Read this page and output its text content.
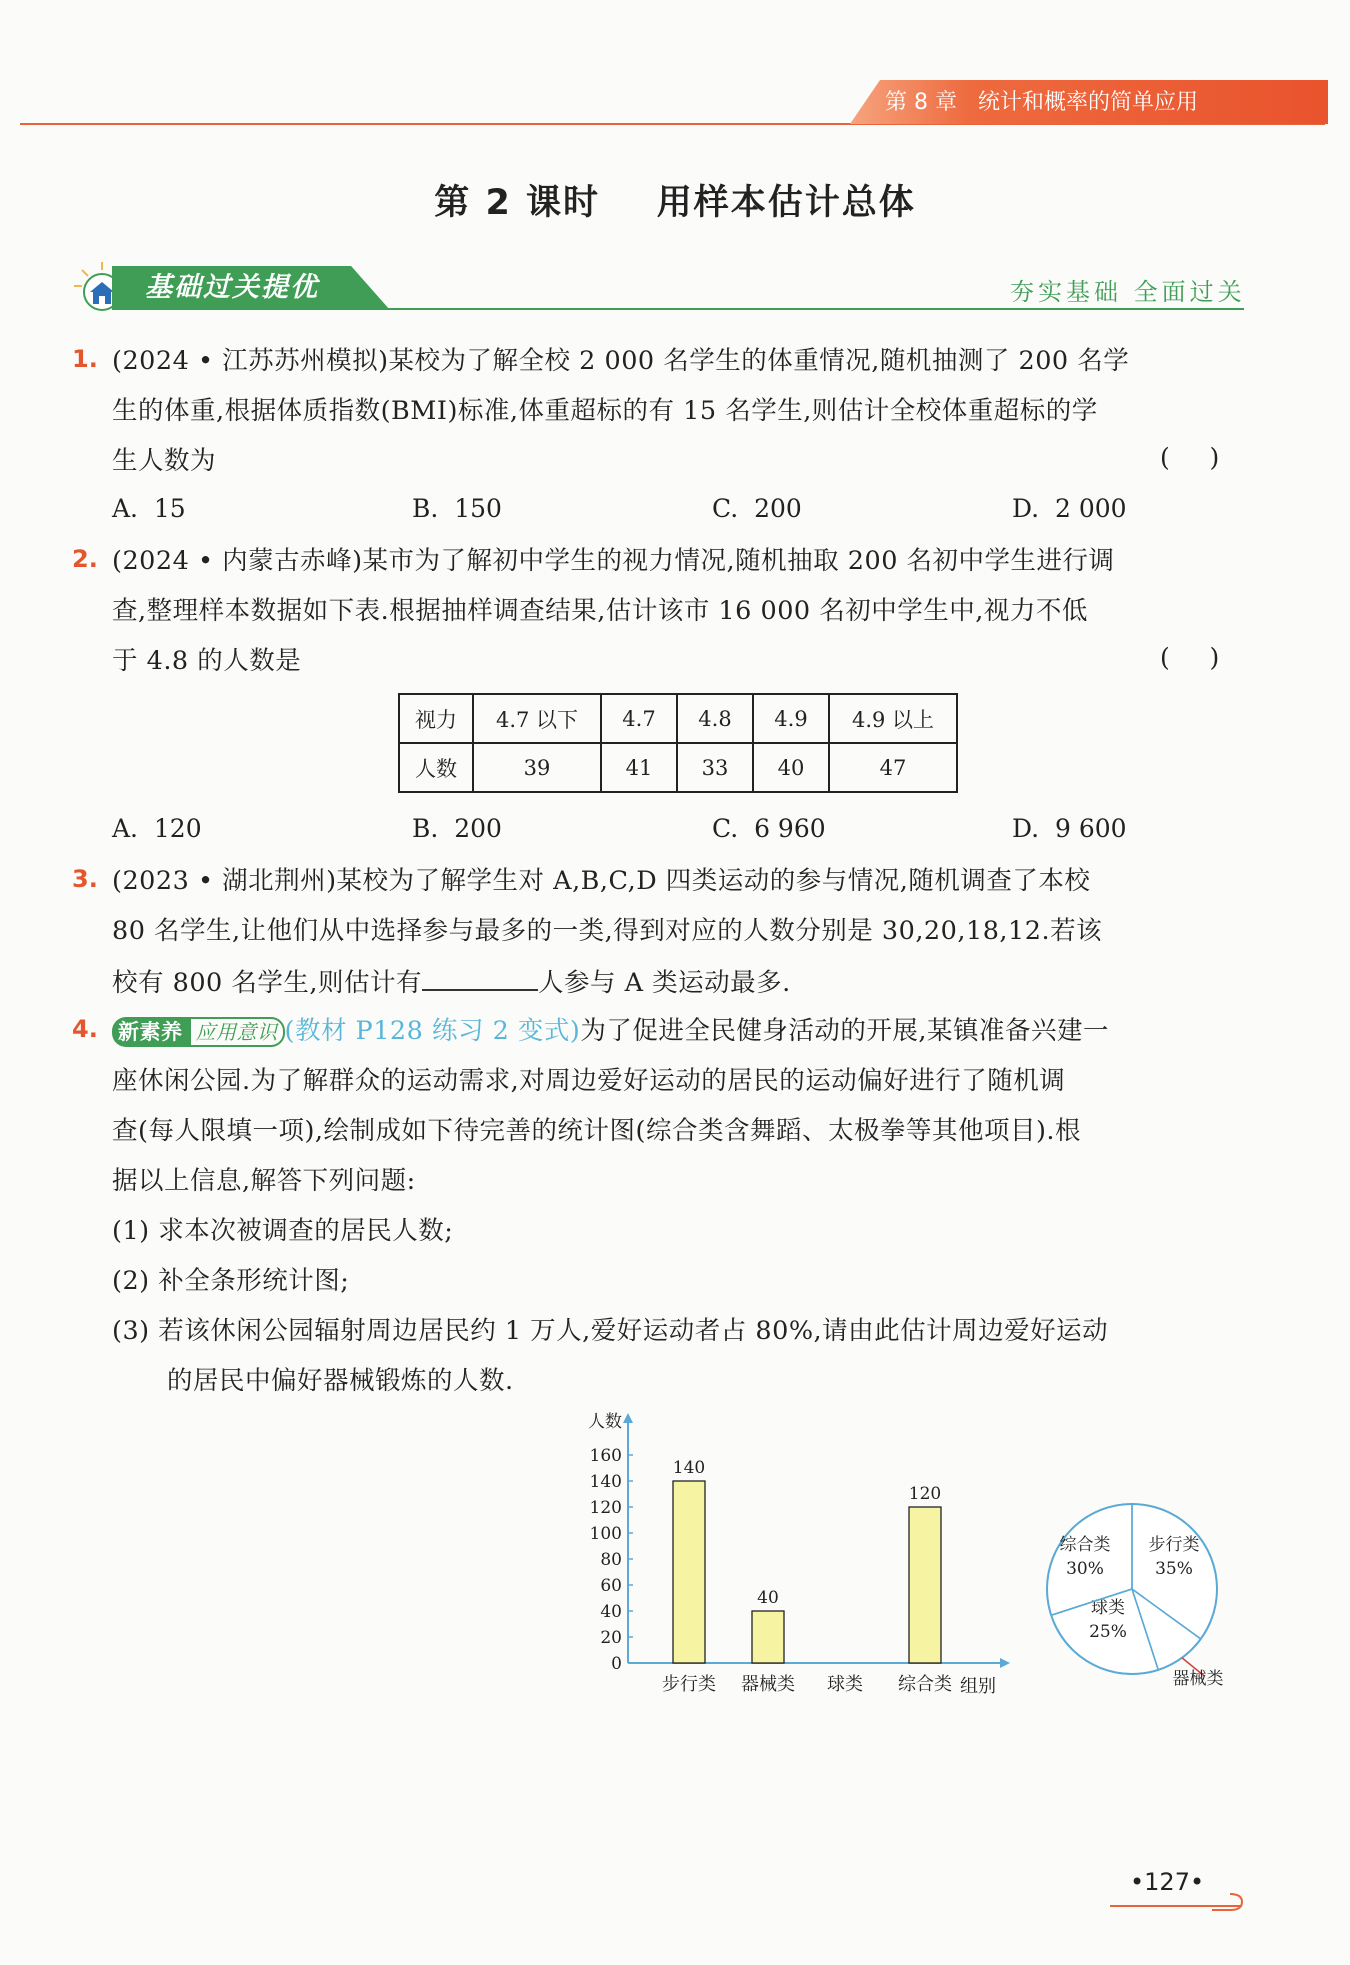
第 8 章   统计和概率的简单应用
第 2 课时    用样本估计总体
基础过关提优	夯实基础 全面过关
1. (2024 • 江苏苏州模拟)某校为了解全校 2 000 名学生的体重情况,随机抽测了 200 名学
生的体重,根据体质指数(BMI)标准,体重超标的有 15 名学生,则估计全校体重超标的学
生人数为	(     )
A.  15	B.  150	C.  200	D.  2 000
2. (2024 • 内蒙古赤峰)某市为了解初中学生的视力情况,随机抽取 200 名初中学生进行调
查,整理样本数据如下表.根据抽样调查结果,估计该市 16 000 名初中学生中,视力不低
于 4.8 的人数是	(     )
视力	4.7 以下	4.7	4.8	4.9	4.9 以上
人数	39	41	33	40	47
A.  120	B.  200	C.  6 960	D.  9 600
3. (2023 • 湖北荆州)某校为了解学生对 A,B,C,D 四类运动的参与情况,随机调查了本校
80 名学生,让他们从中选择参与最多的一类,得到对应的人数分别是 30,20,18,12.若该
校有 800 名学生,则估计有	人参与 A 类运动最多.
4. 新素养 应用意识 (教材 P128 练习 2 变式)为了促进全民健身活动的开展,某镇准备兴建一
座休闲公园.为了解群众的运动需求,对周边爱好运动的居民的运动偏好进行了随机调
查(每人限填一项),绘制成如下待完善的统计图(综合类含舞蹈、太极拳等其他项目).根
据以上信息,解答下列问题:
(1) 求本次被调查的居民人数;
(2) 补全条形统计图;
(3) 若该休闲公园辐射周边居民约 1 万人,爱好运动者占 80%,请由此估计周边爱好运动
的居民中偏好器械锻炼的人数.
人数
0
20
40
60
80
100
120
140
160
140
步行类
40
器械类 球类
120
综合类 组别
步行类
35%
器械类
球类
25%
综合类
30%
•127•
